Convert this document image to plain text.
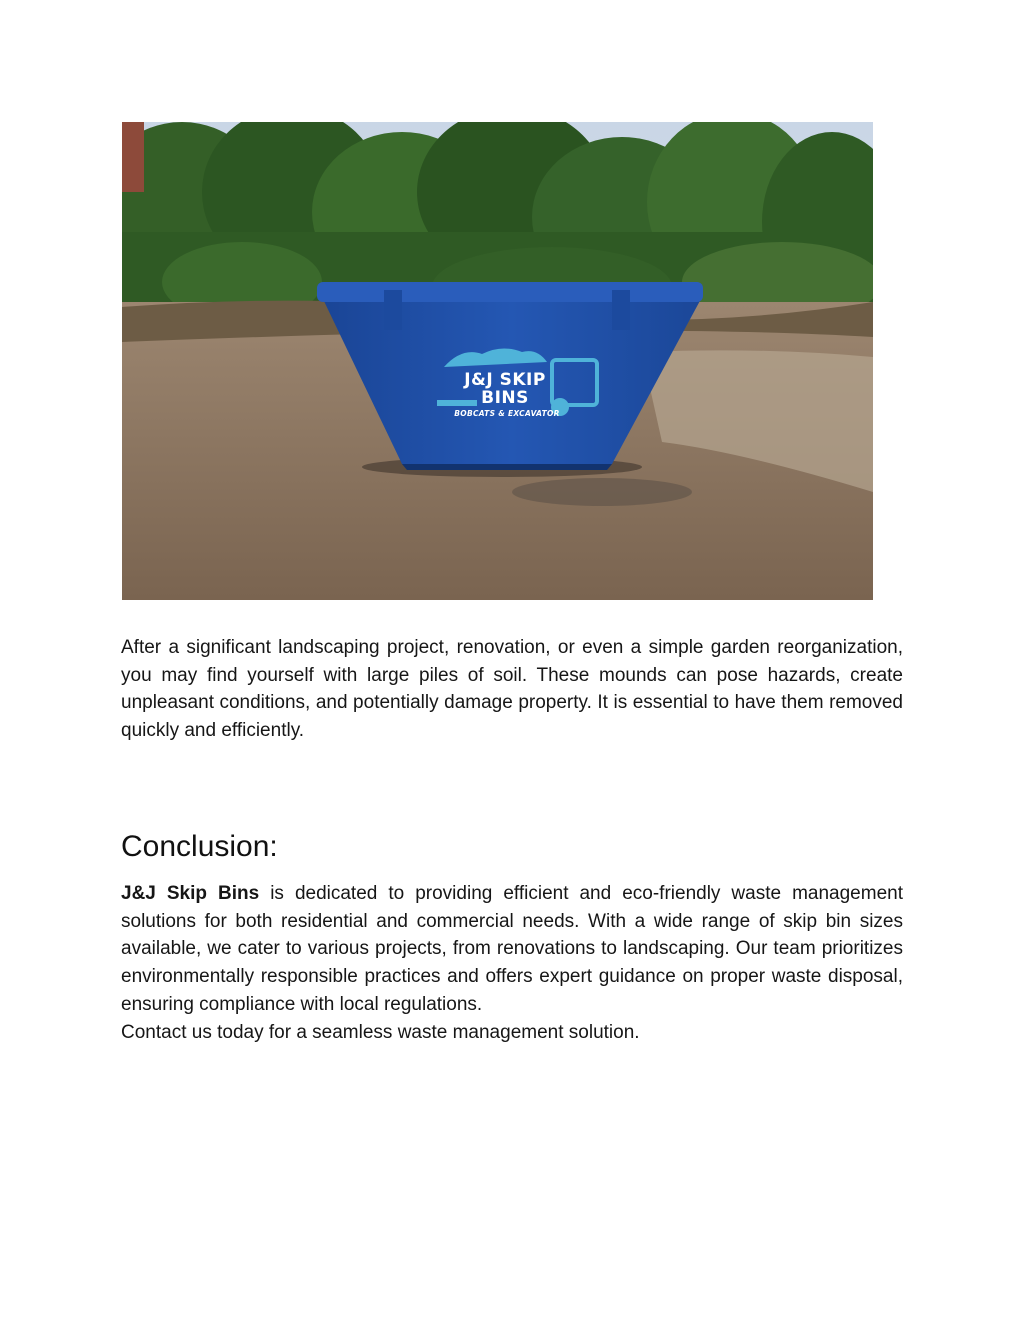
J&J SKIP
BINS
BOBCATS & EXCAVATOR

After a significant landscaping project, renovation, or even a simple garden reorganization, you may find yourself with large piles of soil. These mounds can pose hazards, create unpleasant conditions, and potentially damage property. It is essential to have them removed quickly and efficiently.

Conclusion:

J&J Skip Bins is dedicated to providing efficient and eco-friendly waste management solutions for both residential and commercial needs. With a wide range of skip bin sizes available, we cater to various projects, from renovations to landscaping. Our team prioritizes environmentally responsible practices and offers expert guidance on proper waste disposal, ensuring compliance with local regulations.

Contact us today for a seamless waste management solution.
